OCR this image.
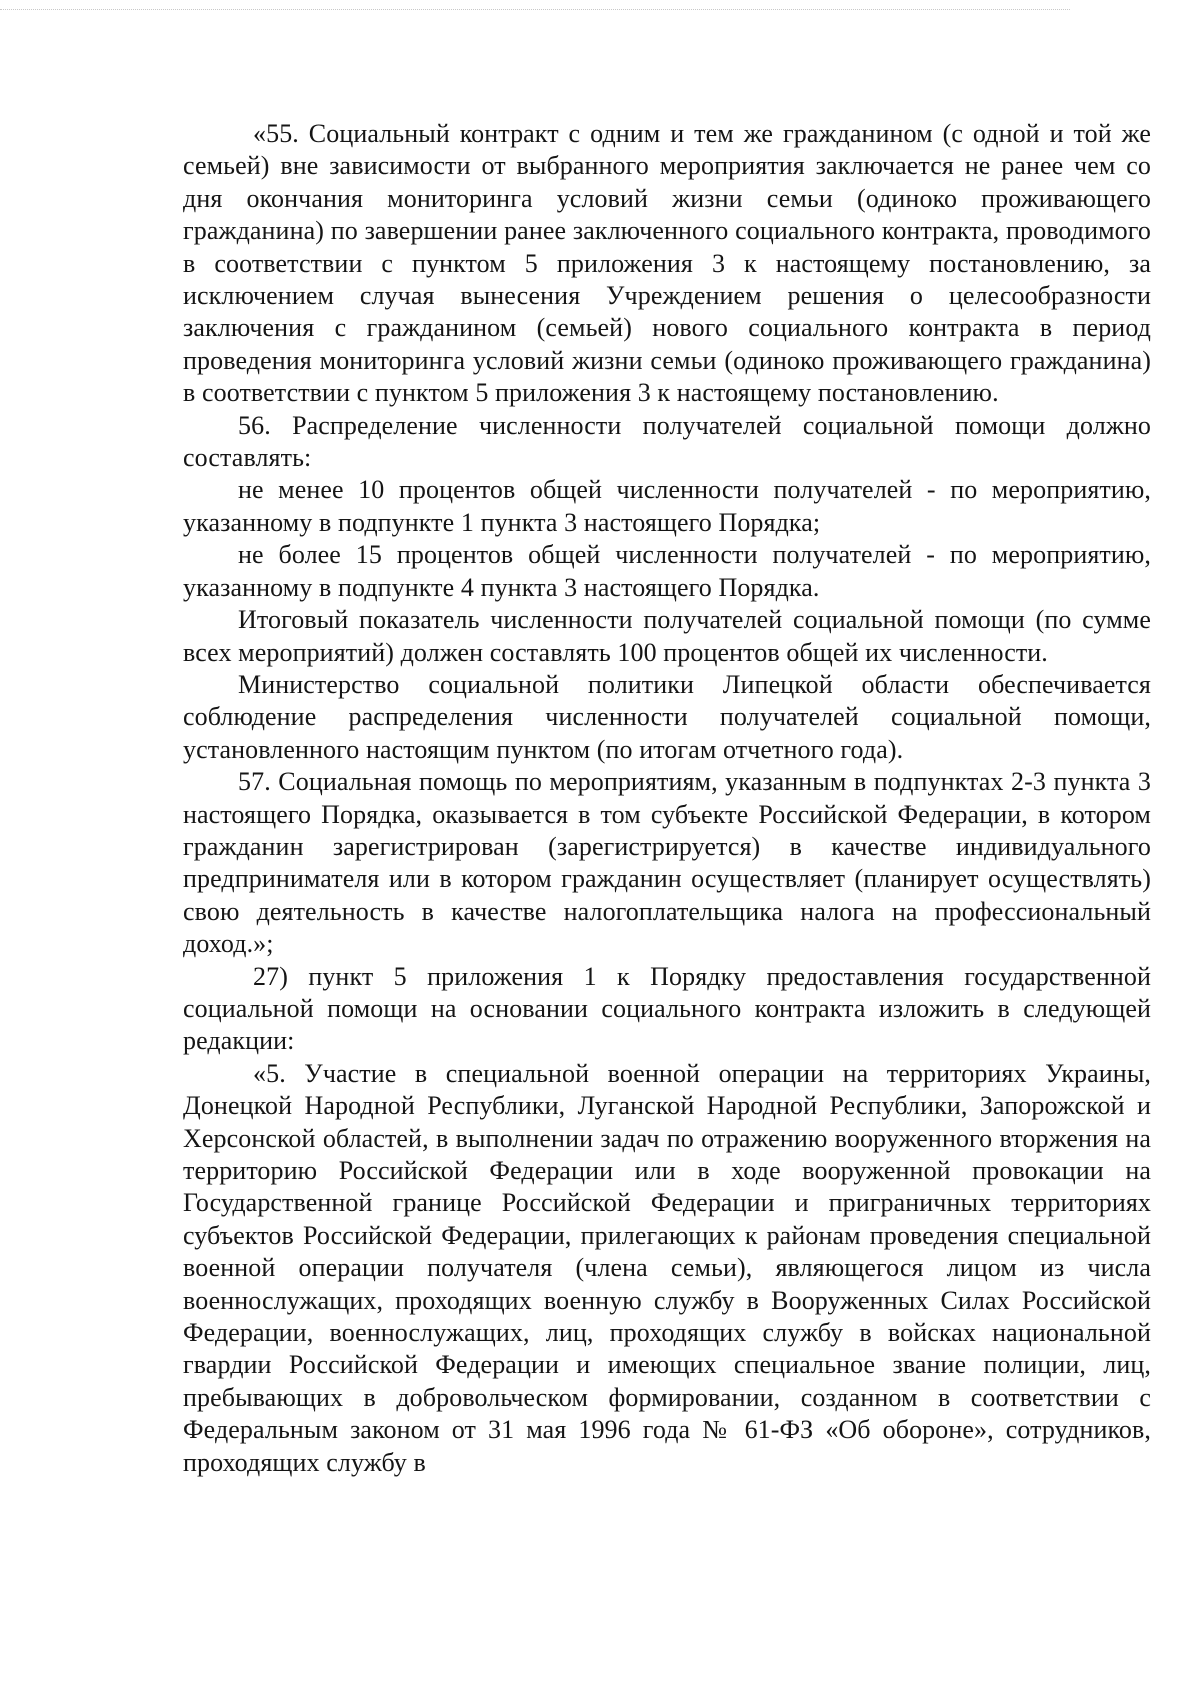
«55. Социальный контракт с одним и тем же гражданином (с одной и той же семьей) вне зависимости от выбранного мероприятия заключается не ранее чем со дня окончания мониторинга условий жизни семьи (одиноко проживающего гражданина) по завершении ранее заключенного социального контракта, проводимого в соответствии с пунктом 5 приложения 3 к настоящему постановлению, за исключением случая вынесения Учреждением решения о целесообразности заключения с гражданином (семьей) нового социального контракта в период проведения мониторинга условий жизни семьи (одиноко проживающего гражданина) в соответствии с пунктом 5 приложения 3 к настоящему постановлению.

56. Распределение численности получателей социальной помощи должно составлять:

не менее 10 процентов общей численности получателей - по мероприятию, указанному в подпункте 1 пункта 3 настоящего Порядка;

не более 15 процентов общей численности получателей - по мероприятию, указанному в подпункте 4 пункта 3 настоящего Порядка.

Итоговый показатель численности получателей социальной помощи (по сумме всех мероприятий) должен составлять 100 процентов общей их численности.

Министерство социальной политики Липецкой области обеспечивается соблюдение распределения численности получателей социальной помощи, установленного настоящим пунктом (по итогам отчетного года).

57. Социальная помощь по мероприятиям, указанным в подпунктах 2-3 пункта 3 настоящего Порядка, оказывается в том субъекте Российской Федерации, в котором гражданин зарегистрирован (зарегистрируется) в качестве индивидуального предпринимателя или в котором гражданин осуществляет (планирует осуществлять) свою деятельность в качестве налогоплательщика налога на профессиональный доход.»;

27) пункт 5 приложения 1 к Порядку предоставления государственной социальной помощи на основании социального контракта изложить в следующей редакции:

«5. Участие в специальной военной операции на территориях Украины, Донецкой Народной Республики, Луганской Народной Республики, Запорожской и Херсонской областей, в выполнении задач по отражению вооруженного вторжения на территорию Российской Федерации или в ходе вооруженной провокации на Государственной границе Российской Федерации и приграничных территориях субъектов Российской Федерации, прилегающих к районам проведения специальной военной операции получателя (члена семьи), являющегося лицом из числа военнослужащих, проходящих военную службу в Вооруженных Силах Российской Федерации, военнослужащих, лиц, проходящих службу в войсках национальной гвардии Российской Федерации и имеющих специальное звание полиции, лиц, пребывающих в добровольческом формировании, созданном в соответствии с Федеральным законом от 31 мая 1996 года № 61-ФЗ «Об обороне», сотрудников, проходящих службу в
